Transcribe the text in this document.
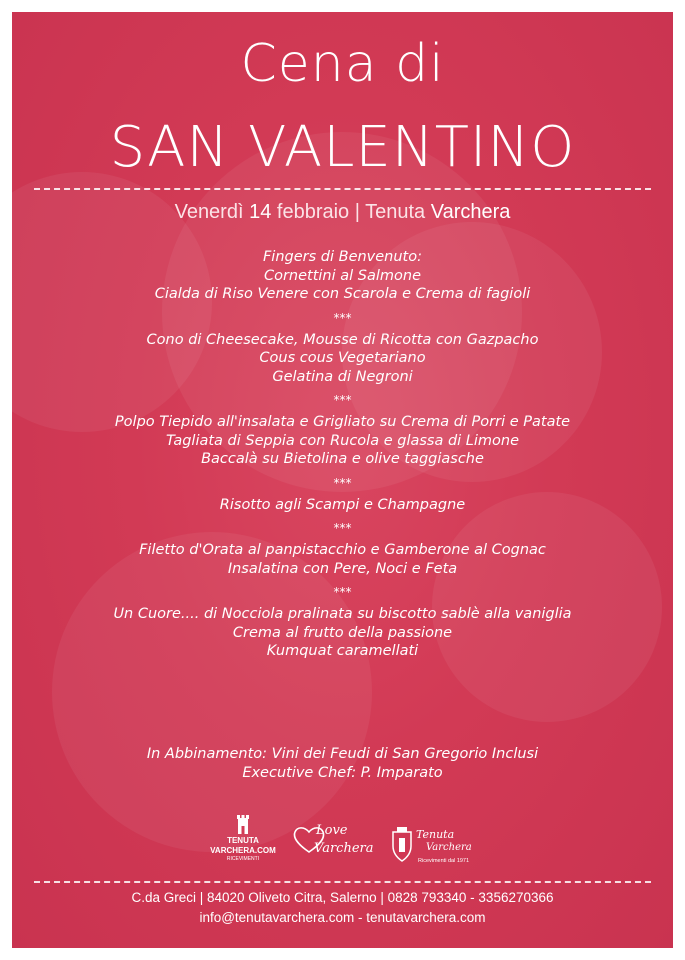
Cena di
SAN VALENTINO
Venerdì 14 febbraio | Tenuta Varchera
Fingers di Benvenuto:
Cornettini al Salmone
Cialda di Riso Venere con Scarola e Crema di fagioli
***
Cono di Cheesecake, Mousse di Ricotta con Gazpacho
Cous cous Vegetariano
Gelatina di Negroni
***
Polpo Tiepido all'insalata e Grigliato su Crema di Porri e Patate
Tagliata di Seppia con Rucola e glassa di Limone
Baccalà su Bietolina e olive taggiasche
***
Risotto agli Scampi e Champagne
***
Filetto d'Orata al panpistacchio e Gamberone al Cognac
Insalatina con Pere, Noci e Feta
***
Un Cuore.... di Nocciola pralinata su biscotto sablè alla vaniglia
Crema al frutto della passione
Kumquat caramellati
In Abbinamento: Vini dei Feudi di San Gregorio Inclusi
Executive Chef: P. Imparato
TENUTA
VARCHERA.COM
RICEVIMENTI
Love
Varchera
Tenuta
Varchera
Ricevimenti dal 1971
C.da Greci | 84020 Oliveto Citra, Salerno | 0828 793340 - 3356270366
info@tenutavarchera.com - tenutavarchera.com
